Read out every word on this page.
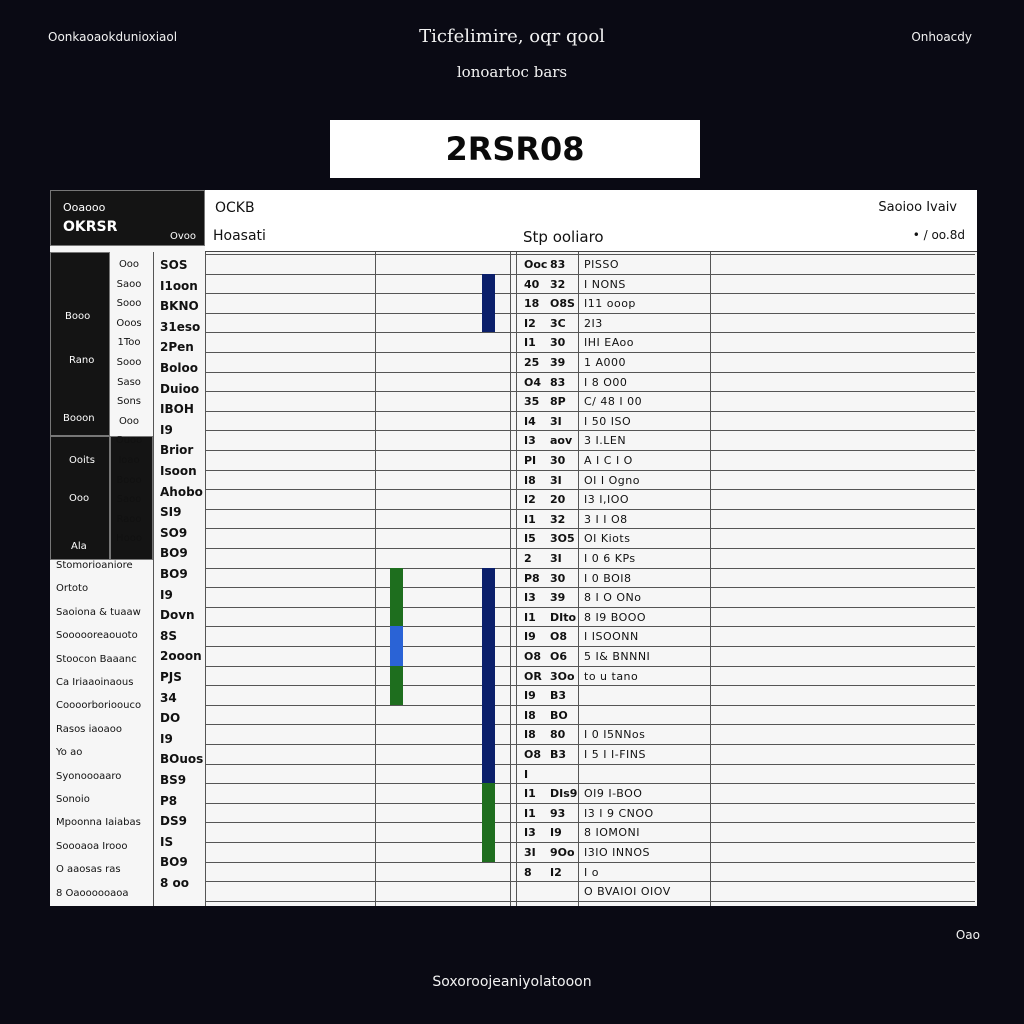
Oonkaoaokdunioxiaol	Ticfelimire, oqr qool
lonoartoc bars
Onhoacdy
2RSR08
Ooaooo
OKRSR
Ovoo
OCKB
Hoasati	Stp ooliaro
Saoioo Ivaiv
• / oo.8d
Booo
Rano
Booon
Ooits
Ooo
Ala
Stomorioaniore
Ortoto
Saoiona & tuaaw
Soooooreaouoto
Stoocon Baaanc
Ca Iriaaoinaous
Coooorborioouco
Rasos iaoaoo
Yo ao
Syonoooaaro
Sonoio
Mpoonna Iaiabas
Soooaoa Irooo
O aaosas ras
8 Oaoooooaoa
Ooo
Saoo
Sooo
Ooos
1Too
Sooo
Saso
Sons
Ooo
Ouoo
Ioao
Booo
Saoo
Raoo
Hooo
SOS
I1oon
BKNO
31eso
2Pen
Boloo
Duioo
IBOH
I9
Brior
Isoon
Ahobo
SI9
SO9
BO9
BO9
I9
Dovn
8S
2ooon
PJS
34
DO
I9
BOuos
BS9
P8
DS9
IS
BO9
8 oo
Ooc 83 PISSO
40 32 I NONS
18 O8S I11 ooop
I2 3C 2I3
I1 30 IHI EAoo
25 39 1 A000
O4 83 I 8 O00
35 8P C/ 48 I 00
I4 3I I 50 ISO
I3 aov 3 I.LEN
PI 30 A I C I O
I8 3I OI I Ogno
I2 20 I3 I,IOO
I1 32 3 I I O8
I5 3O5 OI Kiots
2 3I I 0 6 KPs
P8 30 I 0 BOI8
I3 39 8 I O ONo
I1 DIto 8 I9 BOOO
I9 O8 I ISOONN
O8 O6 5 I& BNNNI
OR 3Oo to u tano
I9 B3
I8 BO
I8 80 I 0 I5NNos
O8 B3 I 5 I I-FINS
I
I1 DIs9 OI9 I-BOO
I1 93 I3 I 9 CNOO
I3 I9 8 IOMONI
3I 9Oo I3IO INNOS
8 I2 I o
O BVAIOI OIOV
Oao
Soxoroojeaniyolatooon
